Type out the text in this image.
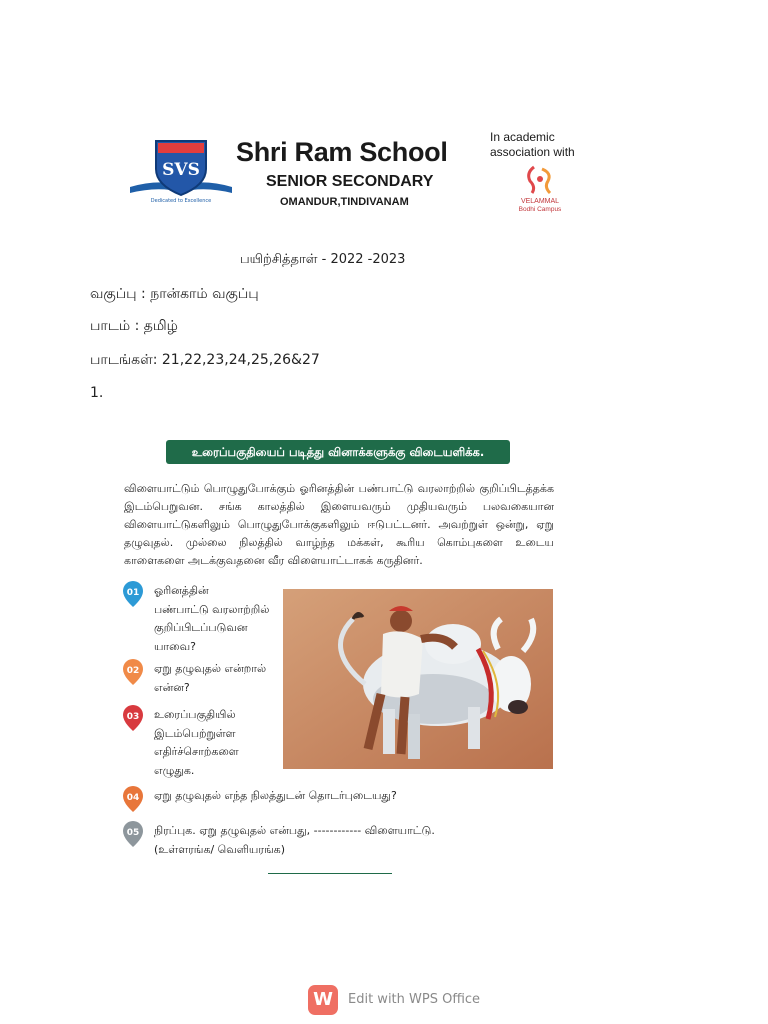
SVS
Dedicated to Excellence
Shri Ram School
SENIOR SECONDARY
OMANDUR,TINDIVANAM
In academic
association with
VELAMMAL
Bodhi Campus
பயிற்சித்தாள் - 2022 -2023
வகுப்பு : நான்காம் வகுப்பு
பாடம் : தமிழ்
பாடங்கள்: 21,22,23,24,25,26&27
1.
உரைப்பகுதியைப் படித்து வினாக்களுக்கு விடையளிக்க.
விளையாட்டும் பொழுதுபோக்கும் ஓரினத்தின் பண்பாட்டு வரலாற்றில் குறிப்பிடத்தக்க இடம்பெறுவன. சங்க காலத்தில் இளையவரும் முதியவரும் பலவகையான விளையாட்டுகளிலும் பொழுதுபோக்குகளிலும் ஈடுபட்டனர். அவற்றுள் ஒன்று, ஏறு தழுவுதல். முல்லை நிலத்தில் வாழ்ந்த மக்கள், கூரிய கொம்புகளை உடைய காளைகளை அடக்குவதனை வீர விளையாட்டாகக் கருதினர்.
01 ஓரினத்தின்
பண்பாட்டு வரலாற்றில்
குறிப்பிடப்படுவன
யாவை?
02 ஏறு தழுவுதல் என்றால்
என்ன?
03 உரைப்பகுதியில்
இடம்பெற்றுள்ள
எதிர்ச்சொற்களை
எழுதுக.
04 ஏறு தழுவுதல் எந்த நிலத்துடன் தொடர்புடையது?
05 நிரப்புக. ஏறு தழுவுதல் என்பது, ------------ விளையாட்டு.
(உள்ளரங்க/ வெளியரங்க)
W	Edit with WPS Office
